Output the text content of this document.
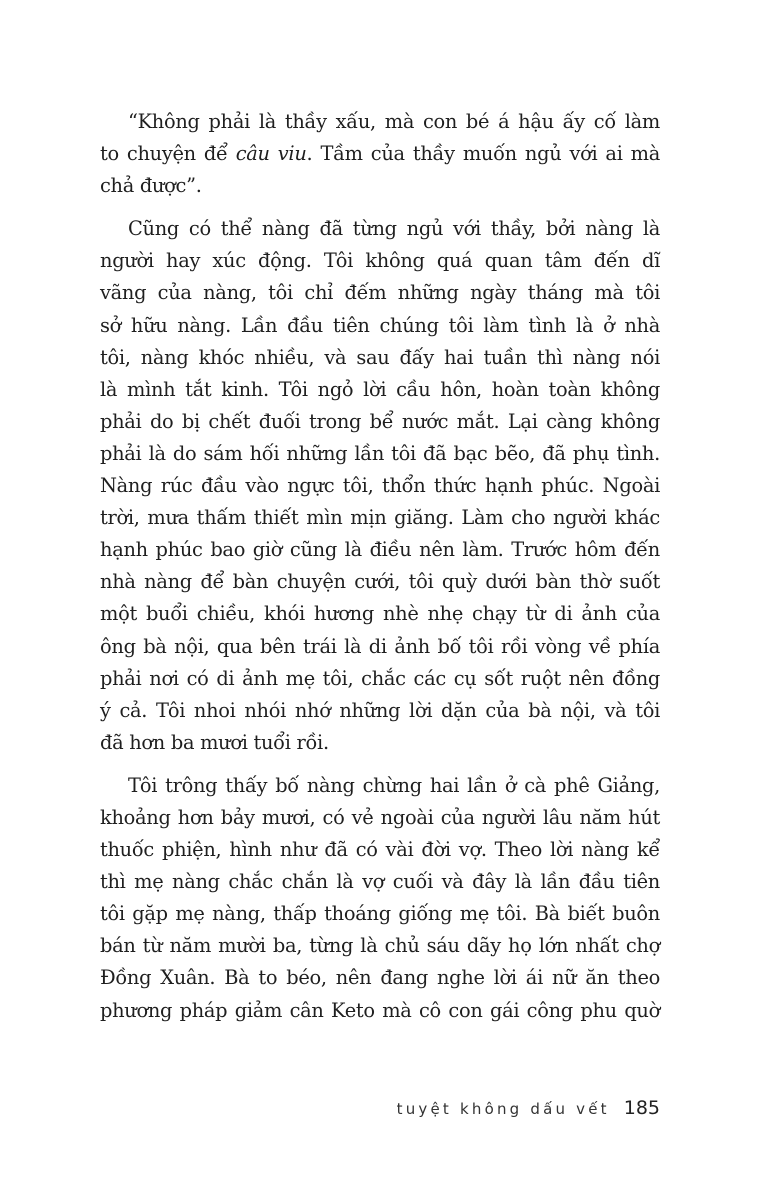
“Không phải là thầy xấu, mà con bé á hậu ấy cố làm
to chuyện để câu viu. Tầm của thầy muốn ngủ với ai mà
chả được”.

Cũng có thể nàng đã từng ngủ với thầy, bởi nàng là
người hay xúc động. Tôi không quá quan tâm đến dĩ
vãng của nàng, tôi chỉ đếm những ngày tháng mà tôi
sở hữu nàng. Lần đầu tiên chúng tôi làm tình là ở nhà
tôi, nàng khóc nhiều, và sau đấy hai tuần thì nàng nói
là mình tắt kinh. Tôi ngỏ lời cầu hôn, hoàn toàn không
phải do bị chết đuối trong bể nước mắt. Lại càng không
phải là do sám hối những lần tôi đã bạc bẽo, đã phụ tình.
Nàng rúc đầu vào ngực tôi, thổn thức hạnh phúc. Ngoài
trời, mưa thấm thiết mìn mịn giăng. Làm cho người khác
hạnh phúc bao giờ cũng là điều nên làm. Trước hôm đến
nhà nàng để bàn chuyện cưới, tôi quỳ dưới bàn thờ suốt
một buổi chiều, khói hương nhè nhẹ chạy từ di ảnh của
ông bà nội, qua bên trái là di ảnh bố tôi rồi vòng về phía
phải nơi có di ảnh mẹ tôi, chắc các cụ sốt ruột nên đồng
ý cả. Tôi nhoi nhói nhớ những lời dặn của bà nội, và tôi
đã hơn ba mươi tuổi rồi.

Tôi trông thấy bố nàng chừng hai lần ở cà phê Giảng,
khoảng hơn bảy mươi, có vẻ ngoài của người lâu năm hút
thuốc phiện, hình như đã có vài đời vợ. Theo lời nàng kể
thì mẹ nàng chắc chắn là vợ cuối và đây là lần đầu tiên
tôi gặp mẹ nàng, thấp thoáng giống mẹ tôi. Bà biết buôn
bán từ năm mười ba, từng là chủ sáu dãy họ lớn nhất chợ
Đồng Xuân. Bà to béo, nên đang nghe lời ái nữ ăn theo
phương pháp giảm cân Keto mà cô con gái công phu quờ

tuyệt không dấu vết 185
